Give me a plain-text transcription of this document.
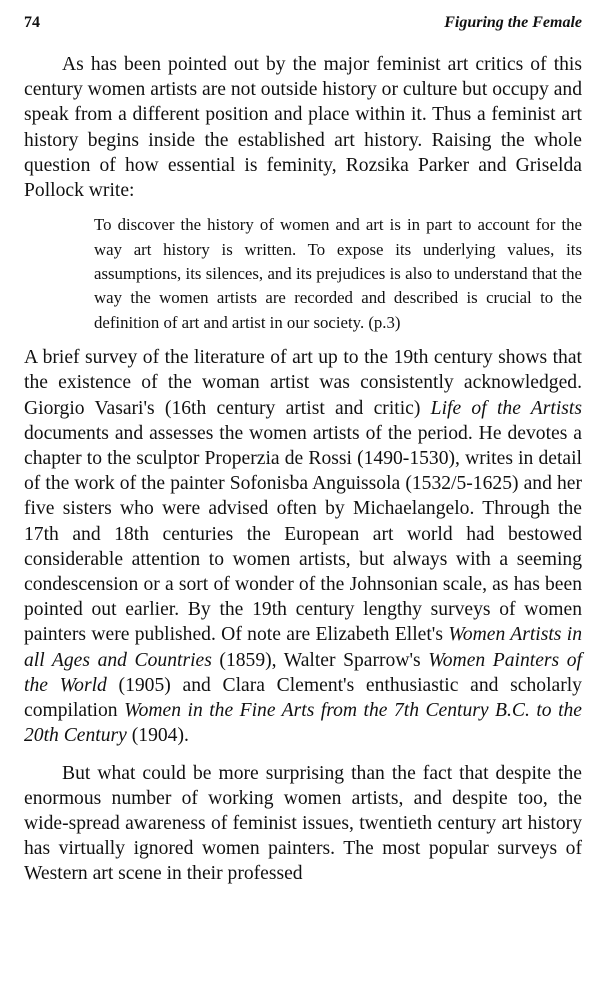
74	Figuring the Female

As has been pointed out by the major feminist art critics of this century women artists are not outside history or culture but occupy and speak from a different position and place within it. Thus a feminist art history begins inside the established art history. Raising the whole question of how essential is feminity, Rozsika Parker and Griselda Pollock write:

To discover the history of women and art is in part to account for the way art history is written. To expose its underlying values, its assumptions, its silences, and its prejudices is also to understand that the way the women artists are recorded and described is crucial to the definition of art and artist in our society. (p.3)

A brief survey of the literature of art up to the 19th century shows that the existence of the woman artist was consistently acknowledged. Giorgio Vasari's (16th century artist and critic) Life of the Artists documents and assesses the women artists of the period. He devotes a chapter to the sculptor Properzia de Rossi (1490-1530), writes in detail of the work of the painter Sofonisba Anguissola (1532/5-1625) and her five sisters who were advised often by Michaelangelo. Through the 17th and 18th centuries the European art world had bestowed considerable attention to women artists, but always with a seeming condescension or a sort of wonder of the Johnsonian scale, as has been pointed out earlier. By the 19th century lengthy surveys of women painters were published. Of note are Elizabeth Ellet's Women Artists in all Ages and Countries (1859), Walter Sparrow's Women Painters of the World (1905) and Clara Clement's enthusiastic and scholarly compilation Women in the Fine Arts from the 7th Century B.C. to the 20th Century (1904).

But what could be more surprising than the fact that despite the enormous number of working women artists, and despite too, the wide-spread awareness of feminist issues, twentieth century art history has virtually ignored women painters. The most popular surveys of Western art scene in their professed
